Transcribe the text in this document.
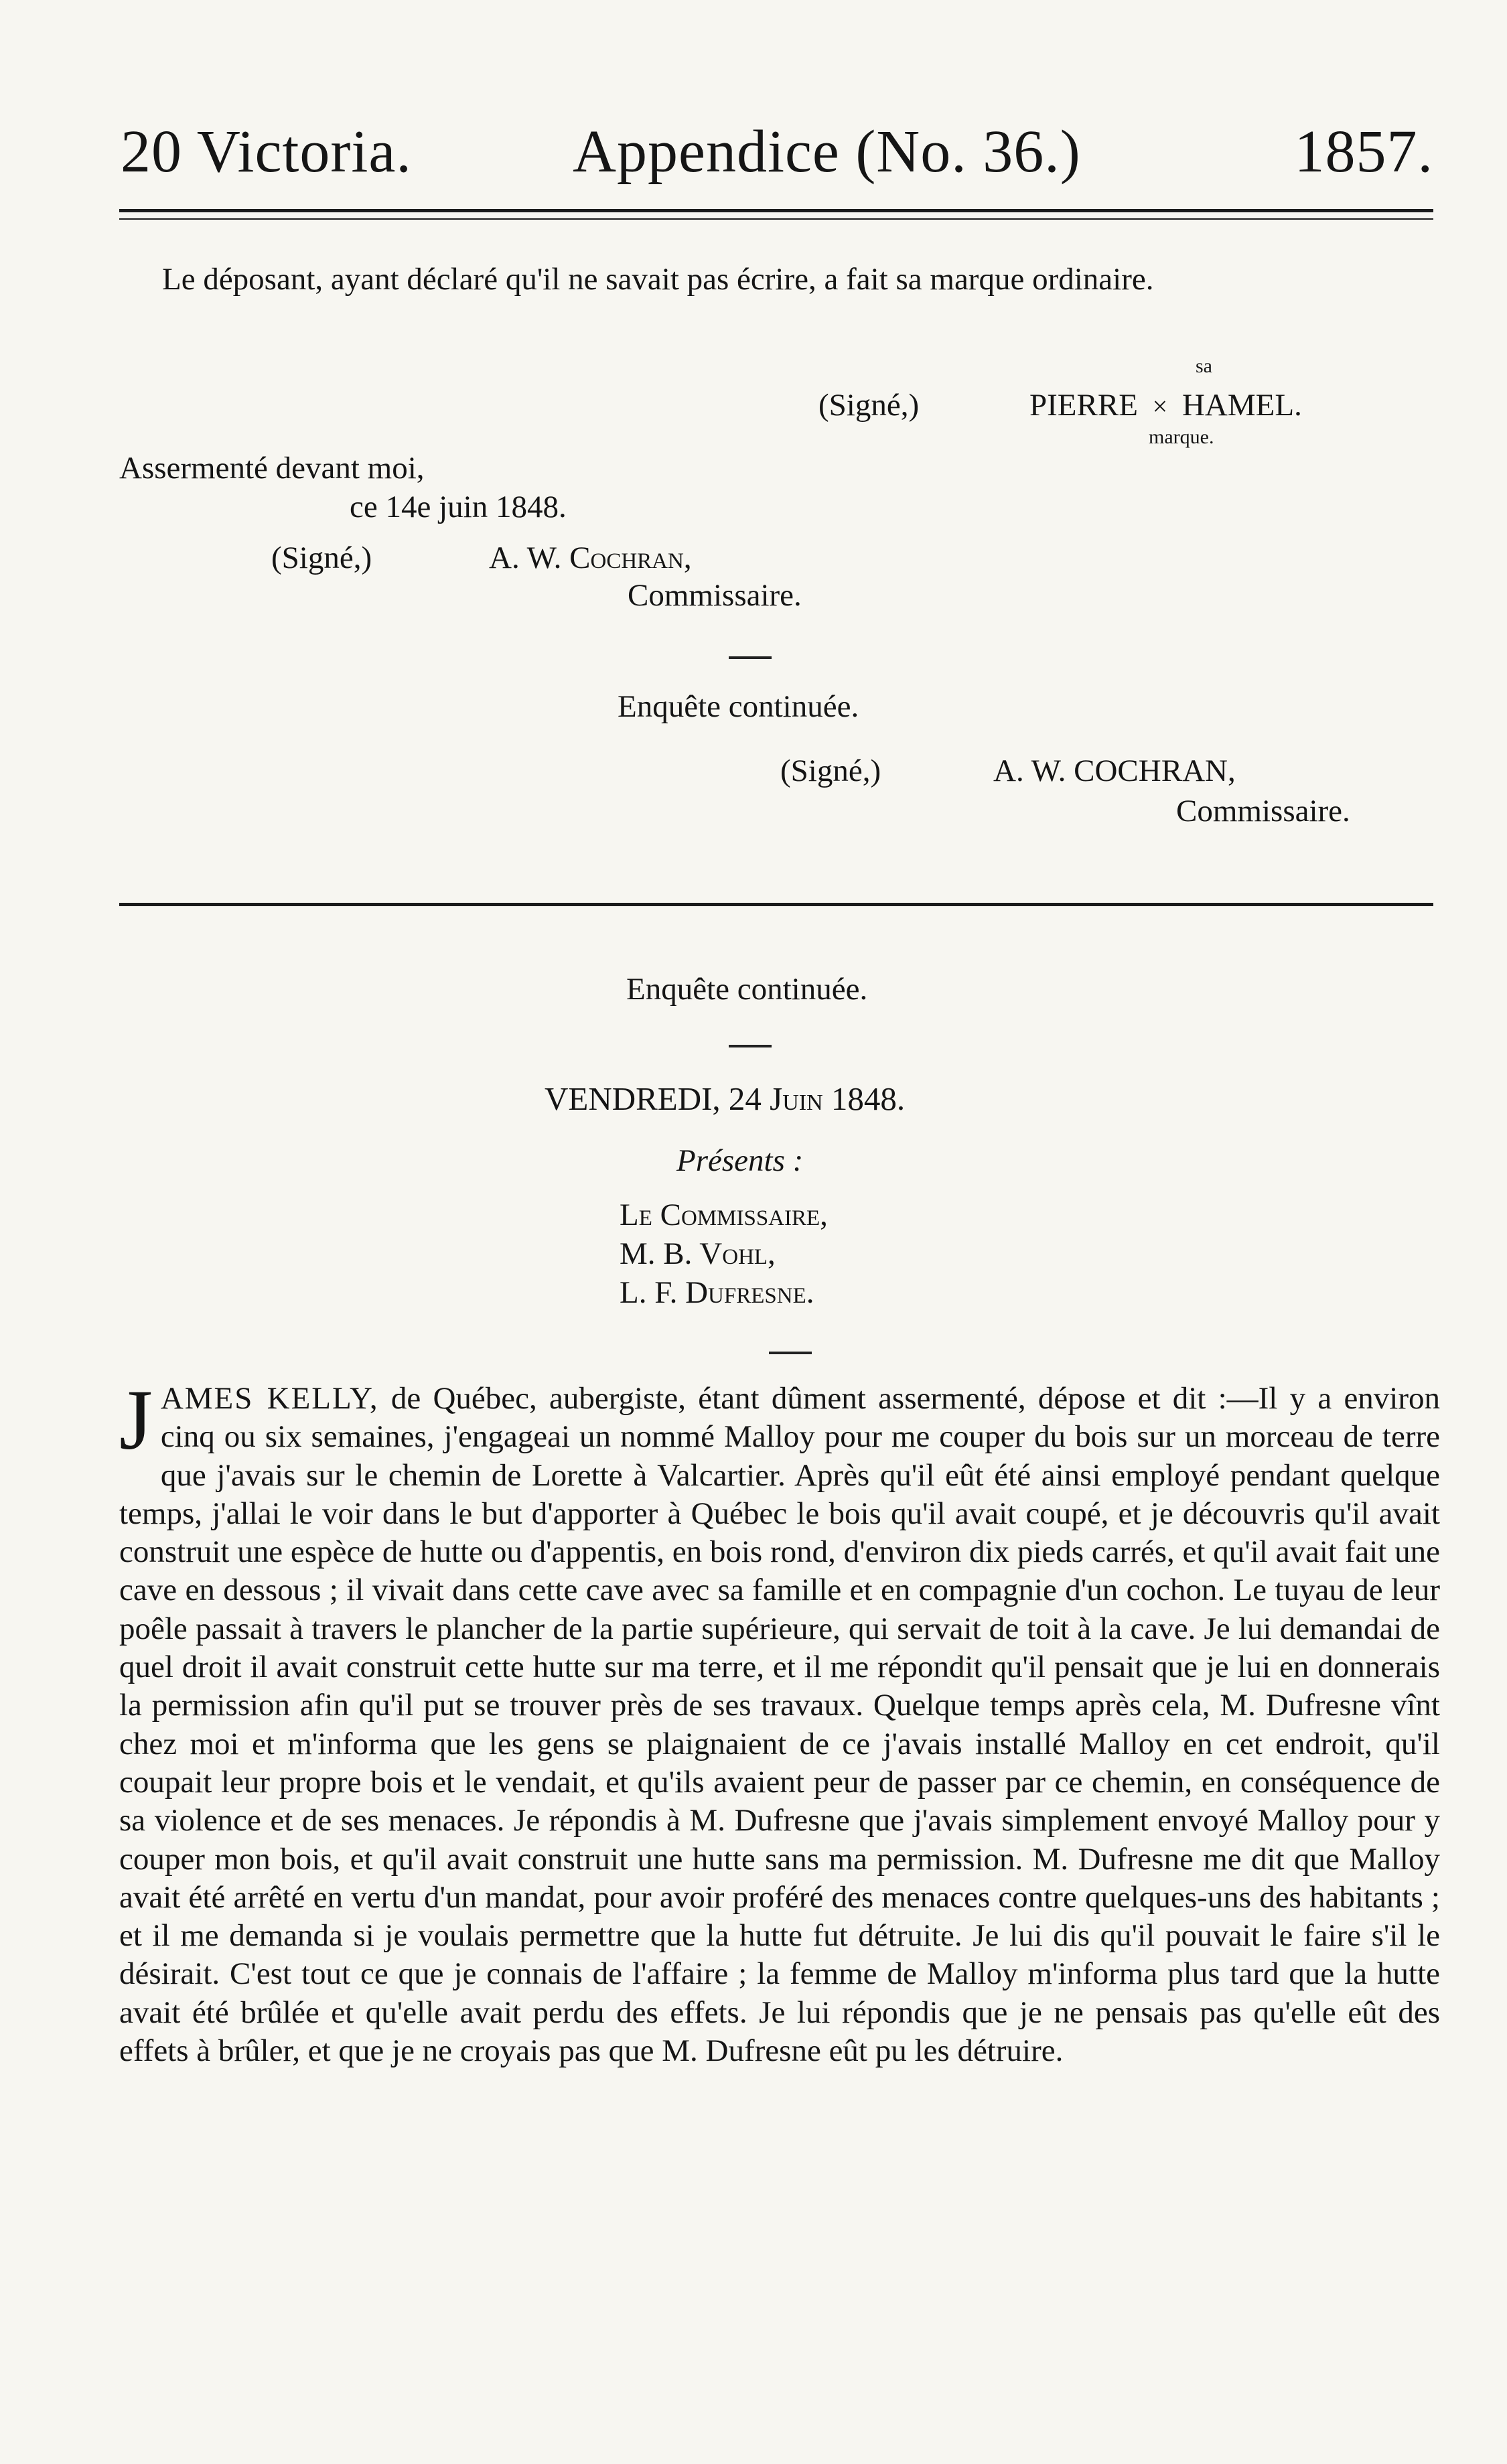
20 Victoria.	Appendice (No. 36.)	1857.
Le déposant, ayant déclaré qu'il ne savait pas écrire, a fait sa marque ordinaire.
(Signé,)
sa
PIERRE × HAMEL.
marque.
Assermenté devant moi,
ce 14e juin 1848.
(Signé,)	A. W. Cochran,
Commissaire.
Enquête continuée.
(Signé,)	A. W. COCHRAN,
Commissaire.
Enquête continuée.
VENDREDI, 24 Juin 1848.
Présents :
Le Commissaire,
M. B. Vohl,
L. F. Dufresne.
JAMES KELLY, de Québec, aubergiste, étant dûment assermenté, dépose et dit :—Il y a environ cinq ou six semaines, j'engageai un nommé Malloy pour me couper du bois sur un morceau de terre que j'avais sur le chemin de Lorette à Valcartier. Après qu'il eût été ainsi employé pendant quelque temps, j'allai le voir dans le but d'apporter à Québec le bois qu'il avait coupé, et je découvris qu'il avait construit une espèce de hutte ou d'appentis, en bois rond, d'environ dix pieds carrés, et qu'il avait fait une cave en dessous ; il vivait dans cette cave avec sa famille et en compagnie d'un cochon. Le tuyau de leur poêle passait à travers le plancher de la partie supérieure, qui servait de toit à la cave. Je lui demandai de quel droit il avait construit cette hutte sur ma terre, et il me répondit qu'il pensait que je lui en donnerais la permission afin qu'il put se trouver près de ses travaux. Quelque temps après cela, M. Dufresne vînt chez moi et m'informa que les gens se plaignaient de ce j'avais installé Malloy en cet endroit, qu'il coupait leur propre bois et le vendait, et qu'ils avaient peur de passer par ce chemin, en conséquence de sa violence et de ses menaces. Je répondis à M. Dufresne que j'avais simplement envoyé Malloy pour y couper mon bois, et qu'il avait construit une hutte sans ma permission. M. Dufresne me dit que Malloy avait été arrêté en vertu d'un mandat, pour avoir proféré des menaces contre quelques-uns des habitants ; et il me demanda si je voulais permettre que la hutte fut détruite. Je lui dis qu'il pouvait le faire s'il le désirait. C'est tout ce que je connais de l'affaire ; la femme de Malloy m'informa plus tard que la hutte avait été brûlée et qu'elle avait perdu des effets. Je lui répondis que je ne pensais pas qu'elle eût des effets à brûler, et que je ne croyais pas que M. Dufresne eût pu les détruire.
